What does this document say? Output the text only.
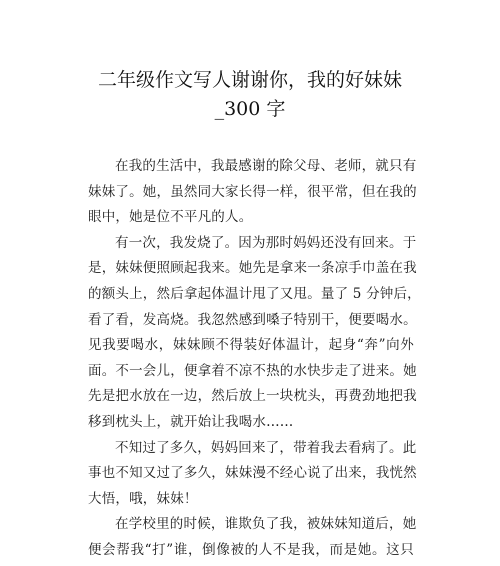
二年级作文写人谢谢你，我的好妹妹
_300 字

在我的生活中，我最感谢的除父母、老师，就只有

妹妹了。她，虽然同大家长得一样，很平常，但在我的

眼中，她是位不平凡的人。

有一次，我发烧了。因为那时妈妈还没有回来。于

是，妹妹便照顾起我来。她先是拿来一条凉手巾盖在我

的额头上，然后拿起体温计甩了又甩。量了 5 分钟后，

看了看，发高烧。我忽然感到嗓子特别干，便要喝水。

见我要喝水，妹妹顾不得装好体温计，起身“奔”向外

面。不一会儿，便拿着不凉不热的水快步走了进来。她

先是把水放在一边，然后放上一块枕头，再费劲地把我

移到枕头上，就开始让我喝水……

不知过了多久，妈妈回来了，带着我去看病了。此

事也不知又过了多久，妹妹漫不经心说了出来，我恍然

大悟，哦，妹妹！

在学校里的时候，谁欺负了我，被妹妹知道后，她

便会帮我“打”谁，倒像被的人不是我，而是她。这只
